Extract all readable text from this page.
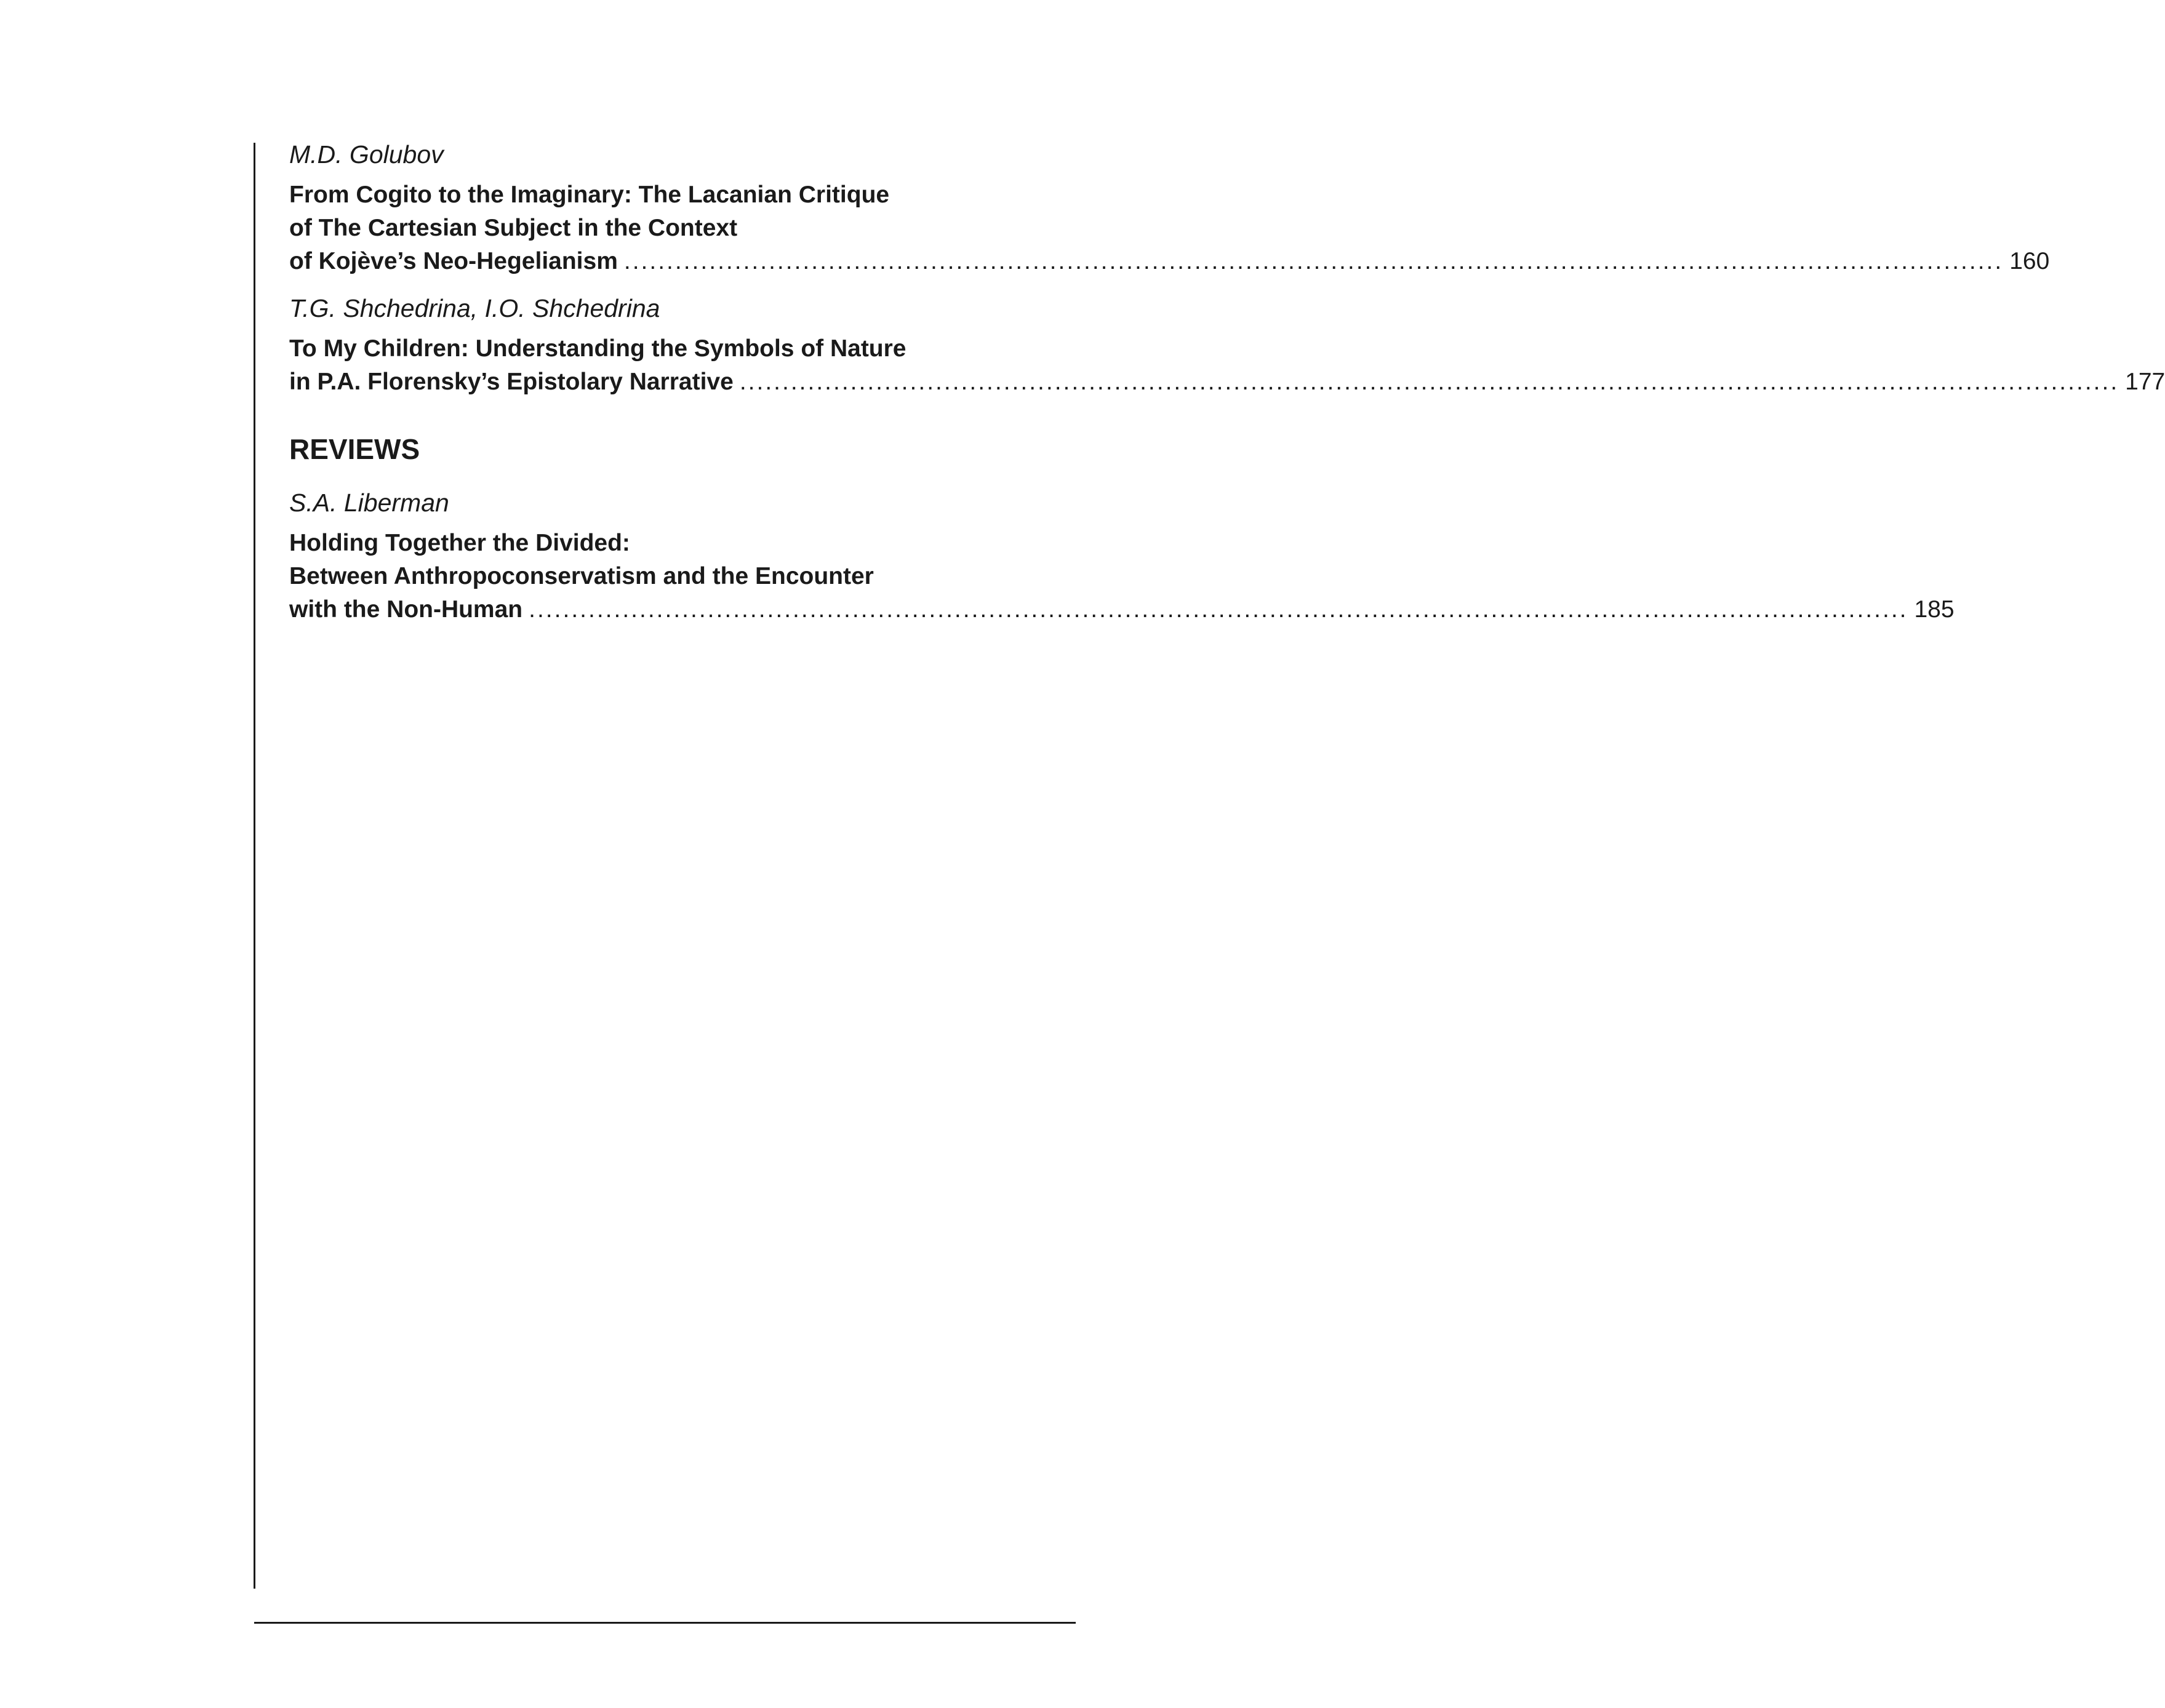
M.D. Golubov
From Cogito to the Imaginary: The Lacanian Critique
of The Cartesian Subject in the Context
of Kojève’s Neo-Hegelianism .................................................................................................................................................................. 160
T.G. Shchedrina, I.O. Shchedrina
To My Children: Understanding the Symbols of Nature
in P.A. Florensky’s Epistolary Narrative .................................................................................................................................................................. 177
REVIEWS
S.A. Liberman
Holding Together the Divided:
Between Anthropoconservatism and the Encounter
with the Non-Human .................................................................................................................................................................. 185
